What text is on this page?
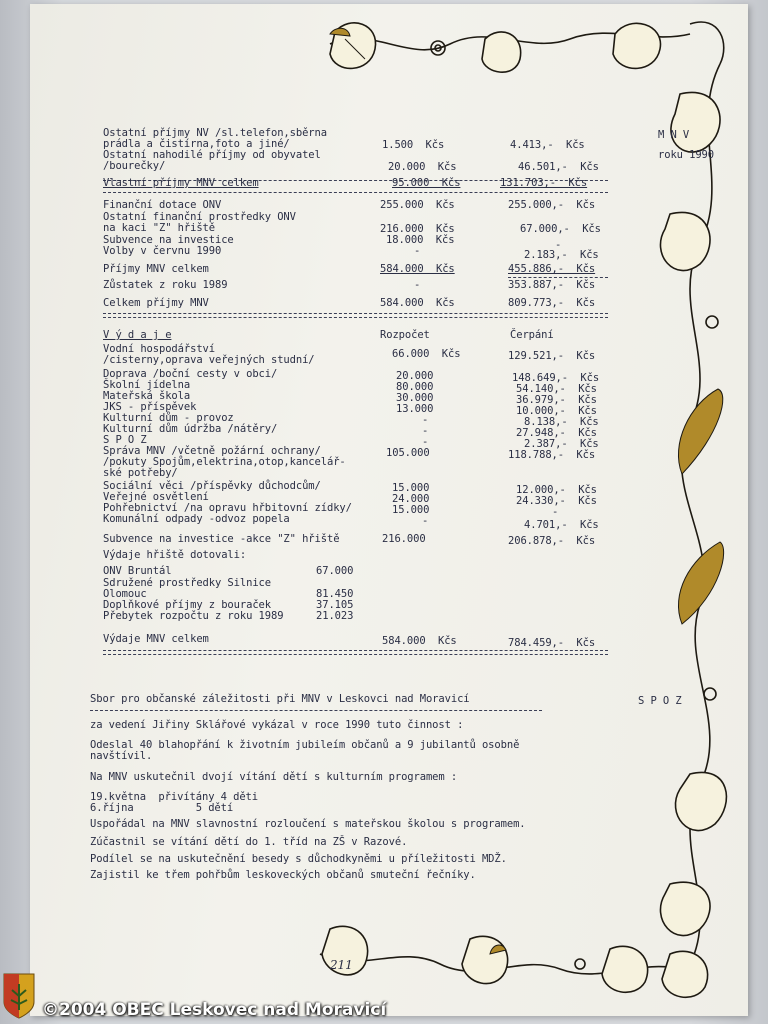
M N V
roku 1990
S P O Z
Ostatní příjmy NV /sl.telefon,sběrna
prádla a čistírna,foto a jiné/	1.500  Kčs	4.413,-  Kčs
Ostatní nahodilé příjmy od obyvatel
/bourečky/	20.000  Kčs	46.501,-  Kčs
Vlastní příjmy MNV celkem	95.000  Kčs	131.703,-  Kčs
Finanční dotace ONV	255.000  Kčs	255.000,-  Kčs
Ostatní finanční prostředky ONV
na kaci "Z" hřiště	216.000  Kčs	67.000,-  Kčs
Subvence na investice	18.000  Kčs	-
Volby v červnu 1990	-	2.183,-  Kčs
Příjmy MNV celkem	584.000  Kčs	455.886,-  Kčs
Zůstatek z roku 1989	-	353.887,-  Kčs
Celkem příjmy MNV	584.000  Kčs	809.773,-  Kčs
V ý d a j e	Rozpočet	Čerpání
Vodní hospodářství
/cisterny,oprava veřejných studní/	66.000  Kčs	129.521,-  Kčs
Doprava /boční cesty v obci/	20.000	148.649,-  Kčs
Školní jídelna	80.000	54.140,-  Kčs
Mateřská škola	30.000	36.979,-  Kčs
JKS - příspěvek	13.000	10.000,-  Kčs
Kulturní dům - provoz	-	8.138,-  Kčs
Kulturní dům údržba /nátěry/	-	27.948,-  Kčs
S P O Z	-	2.387,-  Kčs
Správa MNV /včetně požární ochrany/
/pokuty Spojům,elektrina,otop,kancelář-
ské potřeby/
105.000	118.788,-  Kčs
Sociální věci /příspěvky důchodcům/	15.000	12.000,-  Kčs
Veřejné osvětlení	24.000	24.330,-  Kčs
Pohřebnictví /na opravu hřbitovní zídky/	15.000	-
Komunální odpady -odvoz popela	-	4.701,-  Kčs
Subvence na investice -akce "Z" hřiště	216.000	206.878,-  Kčs
Výdaje hřiště dotovali:
ONV Bruntál	67.000
Sdružené prostředky Silnice
Olomouc	81.450
Doplňkové příjmy z bouraček	37.105
Přebytek rozpočtu z roku 1989	21.023
Výdaje MNV celkem	584.000  Kčs	784.459,-  Kčs
Sbor pro občanské záležitosti při MNV v Leskovci nad Moravicí
za vedení Jiřiny Sklářové vykázal v roce 1990 tuto činnost :
Odeslal 40 blahopřání k životním jubileím občanů a 9 jubilantů osobně
navštívil.
Na MNV uskutečnil dvojí vítání dětí s kulturním programem :
19.května  přivítány 4 děti
6.října          5 dětí
Uspořádal na MNV slavnostní rozloučení s mateřskou školou s programem.
Zúčastnil se vítání dětí do 1. tříd na ZŠ v Razové.
Podílel se na uskutečnění besedy s důchodkyněmi u příležitosti MDŽ.
Zajistil ke třem pohřbům leskoveckých občanů smuteční řečníky.
211
©2004 OBEC Leskovec nad Moravicí
